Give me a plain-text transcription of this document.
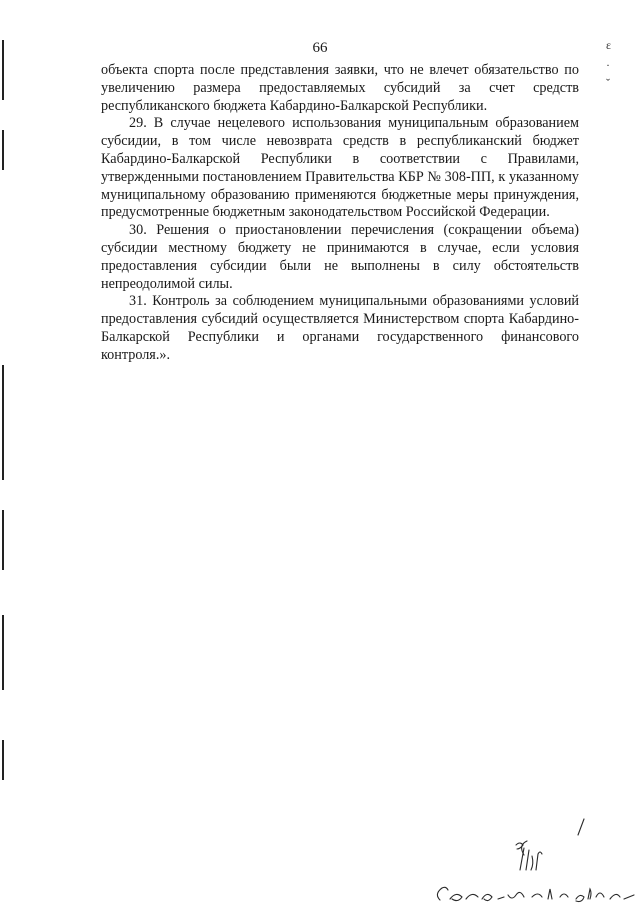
66

объекта спорта после представления заявки, что не влечет обязательство по увеличению размера предоставляемых субсидий за счет средств республиканского бюджета Кабардино-Балкарской Республики.

29. В случае нецелевого использования муниципальным образованием субсидии, в том числе невозврата средств в республиканский бюджет Кабардино-Балкарской Республики в соответствии с Правилами, утвержденными постановлением Правительства КБР № 308-ПП, к указанному муниципальному образованию применяются бюджетные меры принуждения, предусмотренные бюджетным законодательством Российской Федерации.

30. Решения о приостановлении перечисления (сокращении объема) субсидии местному бюджету не принимаются в случае, если условия предоставления субсидии были не выполнены в силу обстоятельств непреодолимой силы.

31. Контроль за соблюдением муниципальными образованиями условий предоставления субсидий осуществляется Министерством спорта Кабардино-Балкарской Республики и органами государственного финансового контроля.».

ɛ
·
ˇ
